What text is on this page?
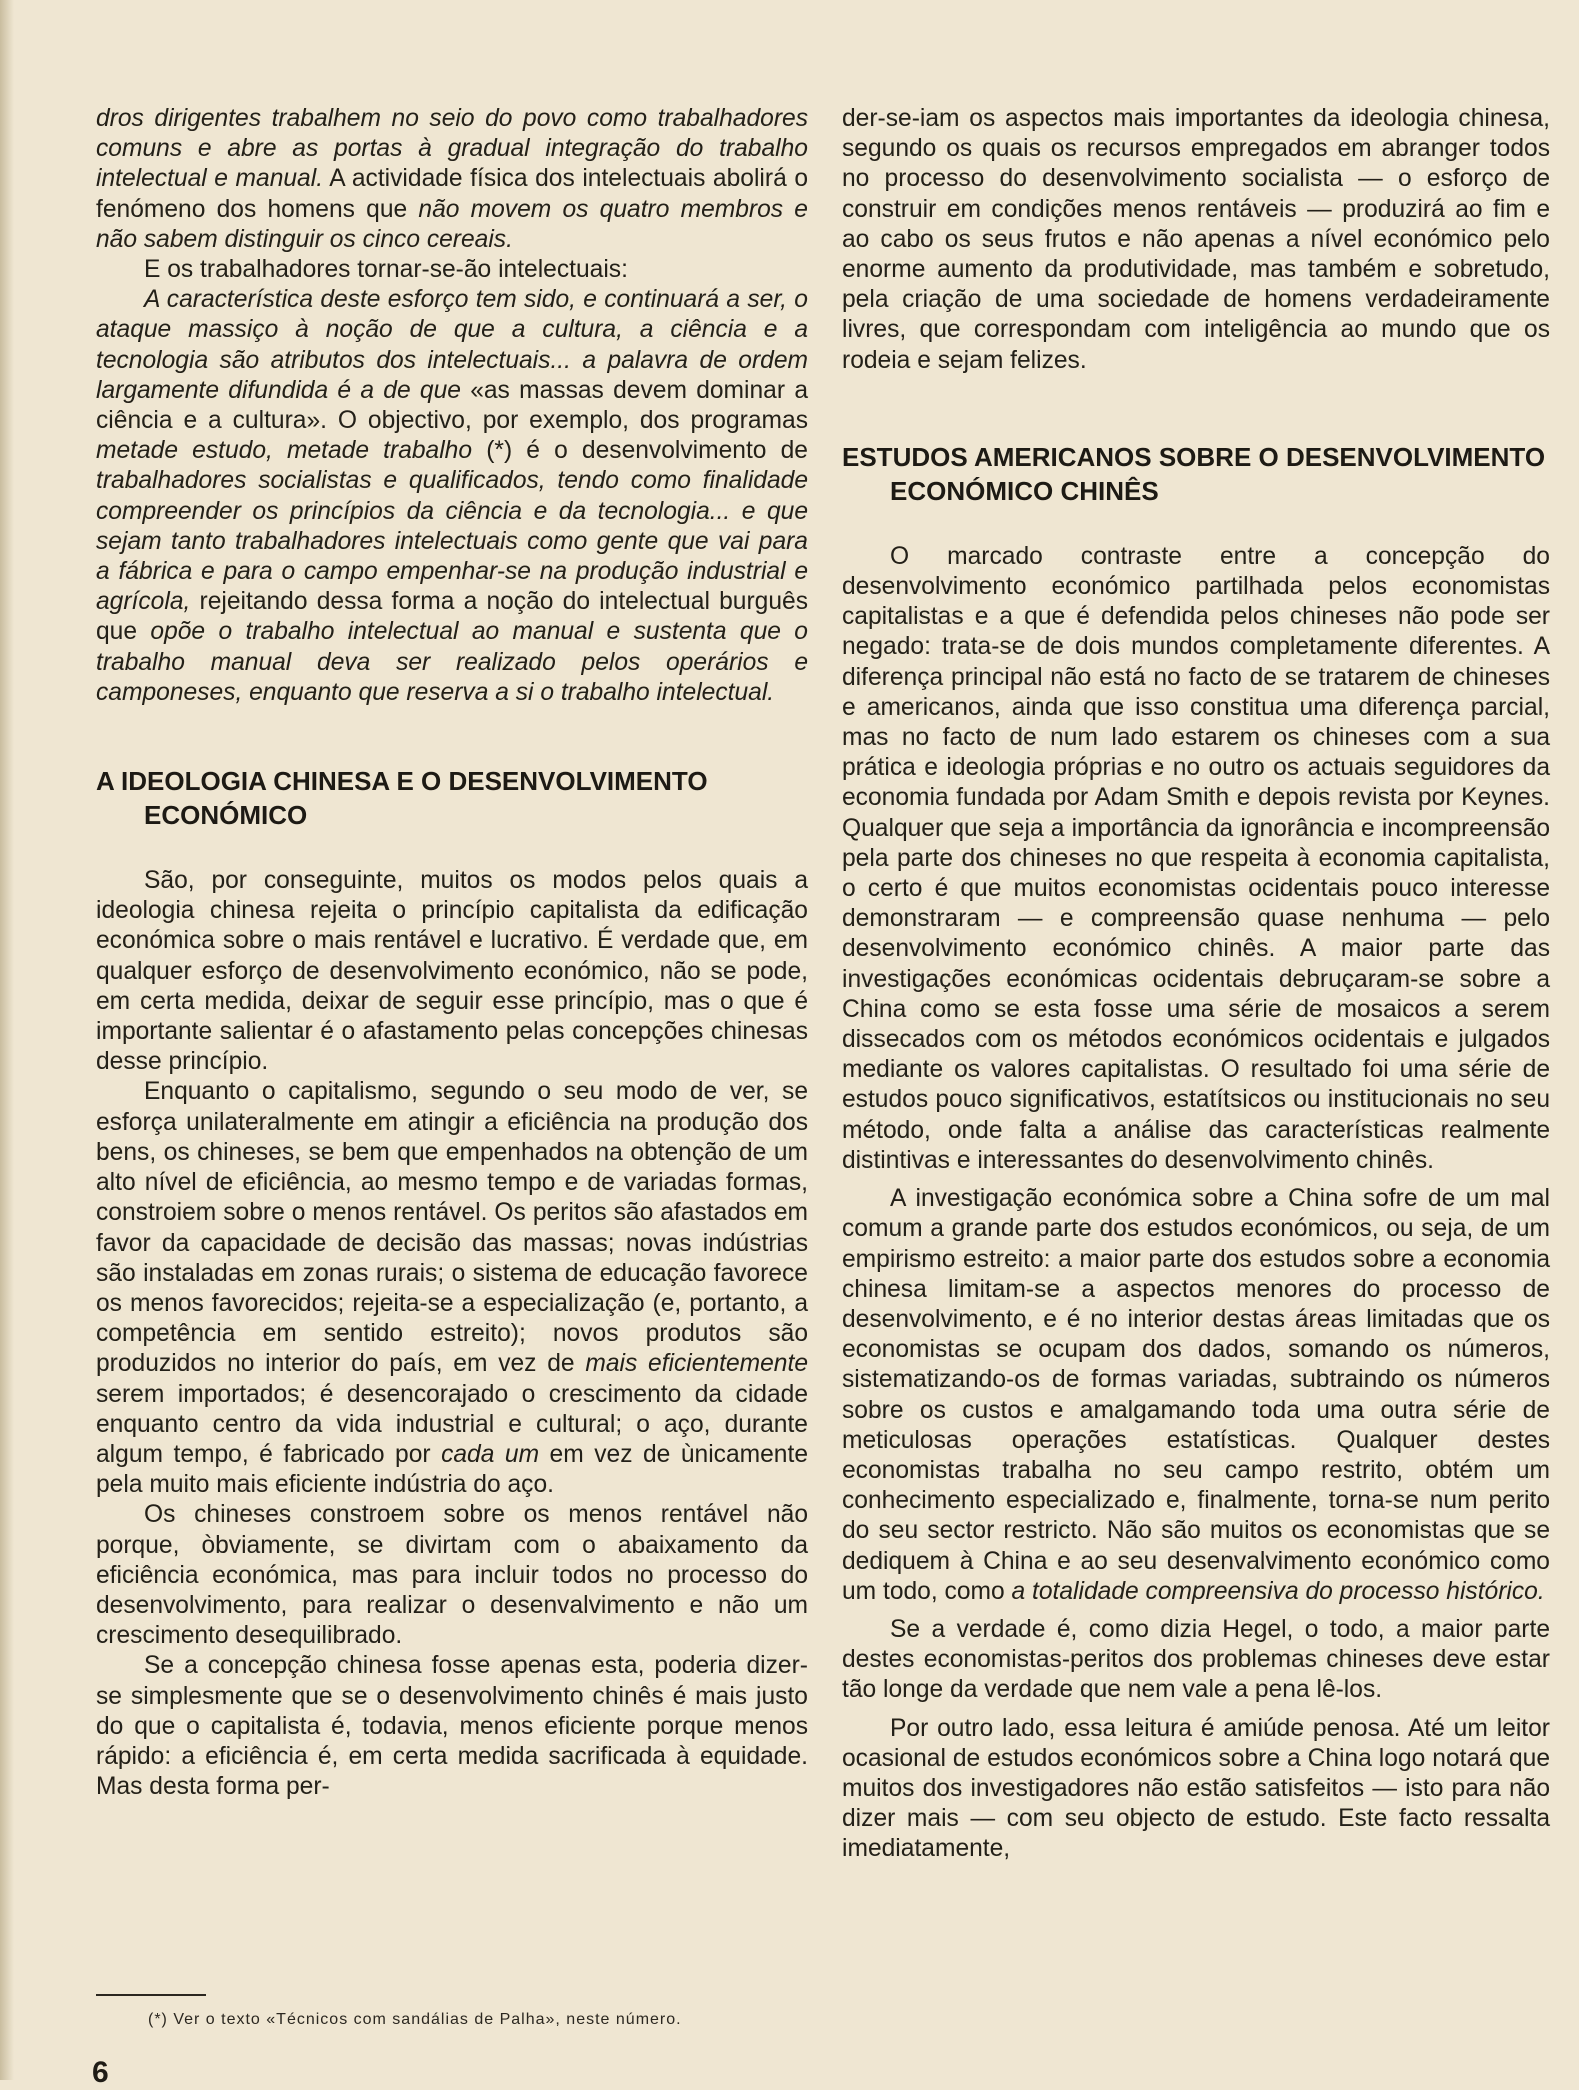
dros dirigentes trabalhem no seio do povo como trabalhadores comuns e abre as portas à gradual integração do trabalho intelectual e manual. A actividade física dos intelectuais abolirá o fenómeno dos homens que não movem os quatro membros e não sabem distinguir os cinco cereais.

E os trabalhadores tornar-se-ão intelectuais:

A característica deste esforço tem sido, e continuará a ser, o ataque massiço à noção de que a cultura, a ciência e a tecnologia são atributos dos intelectuais... a palavra de ordem largamente difundida é a de que «as massas devem dominar a ciência e a cultura». O objectivo, por exemplo, dos programas metade estudo, metade trabalho (*) é o desenvolvimento de trabalhadores socialistas e qualificados, tendo como finalidade compreender os princípios da ciência e da tecnologia... e que sejam tanto trabalhadores intelectuais como gente que vai para a fábrica e para o campo empenhar-se na produção industrial e agrícola, rejeitando dessa forma a noção do intelectual burguês que opõe o trabalho intelectual ao manual e sustenta que o trabalho manual deva ser realizado pelos operários e camponeses, enquanto que reserva a si o trabalho intelectual.

A IDEOLOGIA CHINESA E O DESENVOLVIMENTO ECONÓMICO

São, por conseguinte, muitos os modos pelos quais a ideologia chinesa rejeita o princípio capitalista da edificação económica sobre o mais rentável e lucrativo. É verdade que, em qualquer esforço de desenvolvimento económico, não se pode, em certa medida, deixar de seguir esse princípio, mas o que é importante salientar é o afastamento pelas concepções chinesas desse princípio.

Enquanto o capitalismo, segundo o seu modo de ver, se esforça unilateralmente em atingir a eficiência na produção dos bens, os chineses, se bem que empenhados na obtenção de um alto nível de eficiência, ao mesmo tempo e de variadas formas, constroiem sobre o menos rentável. Os peritos são afastados em favor da capacidade de decisão das massas; novas indústrias são instaladas em zonas rurais; o sistema de educação favorece os menos favorecidos; rejeita-se a especialização (e, portanto, a competência em sentido estreito); novos produtos são produzidos no interior do país, em vez de mais eficientemente serem importados; é desencorajado o crescimento da cidade enquanto centro da vida industrial e cultural; o aço, durante algum tempo, é fabricado por cada um em vez de ùnicamente pela muito mais eficiente indústria do aço.

Os chineses constroem sobre os menos rentável não porque, òbviamente, se divirtam com o abaixamento da eficiência económica, mas para incluir todos no processo do desenvolvimento, para realizar o desenvalvimento e não um crescimento desequilibrado.

Se a concepção chinesa fosse apenas esta, poderia dizer-se simplesmente que se o desenvolvimento chinês é mais justo do que o capitalista é, todavia, menos eficiente porque menos rápido: a eficiência é, em certa medida sacrificada à equidade. Mas desta forma per-

der-se-iam os aspectos mais importantes da ideologia chinesa, segundo os quais os recursos empregados em abranger todos no processo do desenvolvimento socialista — o esforço de construir em condições menos rentáveis — produzirá ao fim e ao cabo os seus frutos e não apenas a nível económico pelo enorme aumento da produtividade, mas também e sobretudo, pela criação de uma sociedade de homens verdadeiramente livres, que correspondam com inteligência ao mundo que os rodeia e sejam felizes.

ESTUDOS AMERICANOS SOBRE O DESENVOLVIMENTO ECONÓMICO CHINÊS

O marcado contraste entre a concepção do desenvolvimento económico partilhada pelos economistas capitalistas e a que é defendida pelos chineses não pode ser negado: trata-se de dois mundos completamente diferentes. A diferença principal não está no facto de se tratarem de chineses e americanos, ainda que isso constitua uma diferença parcial, mas no facto de num lado estarem os chineses com a sua prática e ideologia próprias e no outro os actuais seguidores da economia fundada por Adam Smith e depois revista por Keynes. Qualquer que seja a importância da ignorância e incompreensão pela parte dos chineses no que respeita à economia capitalista, o certo é que muitos economistas ocidentais pouco interesse demonstraram — e compreensão quase nenhuma — pelo desenvolvimento económico chinês. A maior parte das investigações económicas ocidentais debruçaram-se sobre a China como se esta fosse uma série de mosaicos a serem dissecados com os métodos económicos ocidentais e julgados mediante os valores capitalistas. O resultado foi uma série de estudos pouco significativos, estatítsicos ou institucionais no seu método, onde falta a análise das características realmente distintivas e interessantes do desenvolvimento chinês.

A investigação económica sobre a China sofre de um mal comum a grande parte dos estudos económicos, ou seja, de um empirismo estreito: a maior parte dos estudos sobre a economia chinesa limitam-se a aspectos menores do processo de desenvolvimento, e é no interior destas áreas limitadas que os economistas se ocupam dos dados, somando os números, sistematizando-os de formas variadas, subtraindo os números sobre os custos e amalgamando toda uma outra série de meticulosas operações estatísticas. Qualquer destes economistas trabalha no seu campo restrito, obtém um conhecimento especializado e, finalmente, torna-se num perito do seu sector restricto. Não são muitos os economistas que se dediquem à China e ao seu desenvalvimento económico como um todo, como a totalidade compreensiva do processo histórico.

Se a verdade é, como dizia Hegel, o todo, a maior parte destes economistas-peritos dos problemas chineses deve estar tão longe da verdade que nem vale a pena lê-los.

Por outro lado, essa leitura é amiúde penosa. Até um leitor ocasional de estudos económicos sobre a China logo notará que muitos dos investigadores não estão satisfeitos — isto para não dizer mais — com seu objecto de estudo. Este facto ressalta imediatamente,

(*) Ver o texto «Técnicos com sandálias de Palha», neste número.
6
